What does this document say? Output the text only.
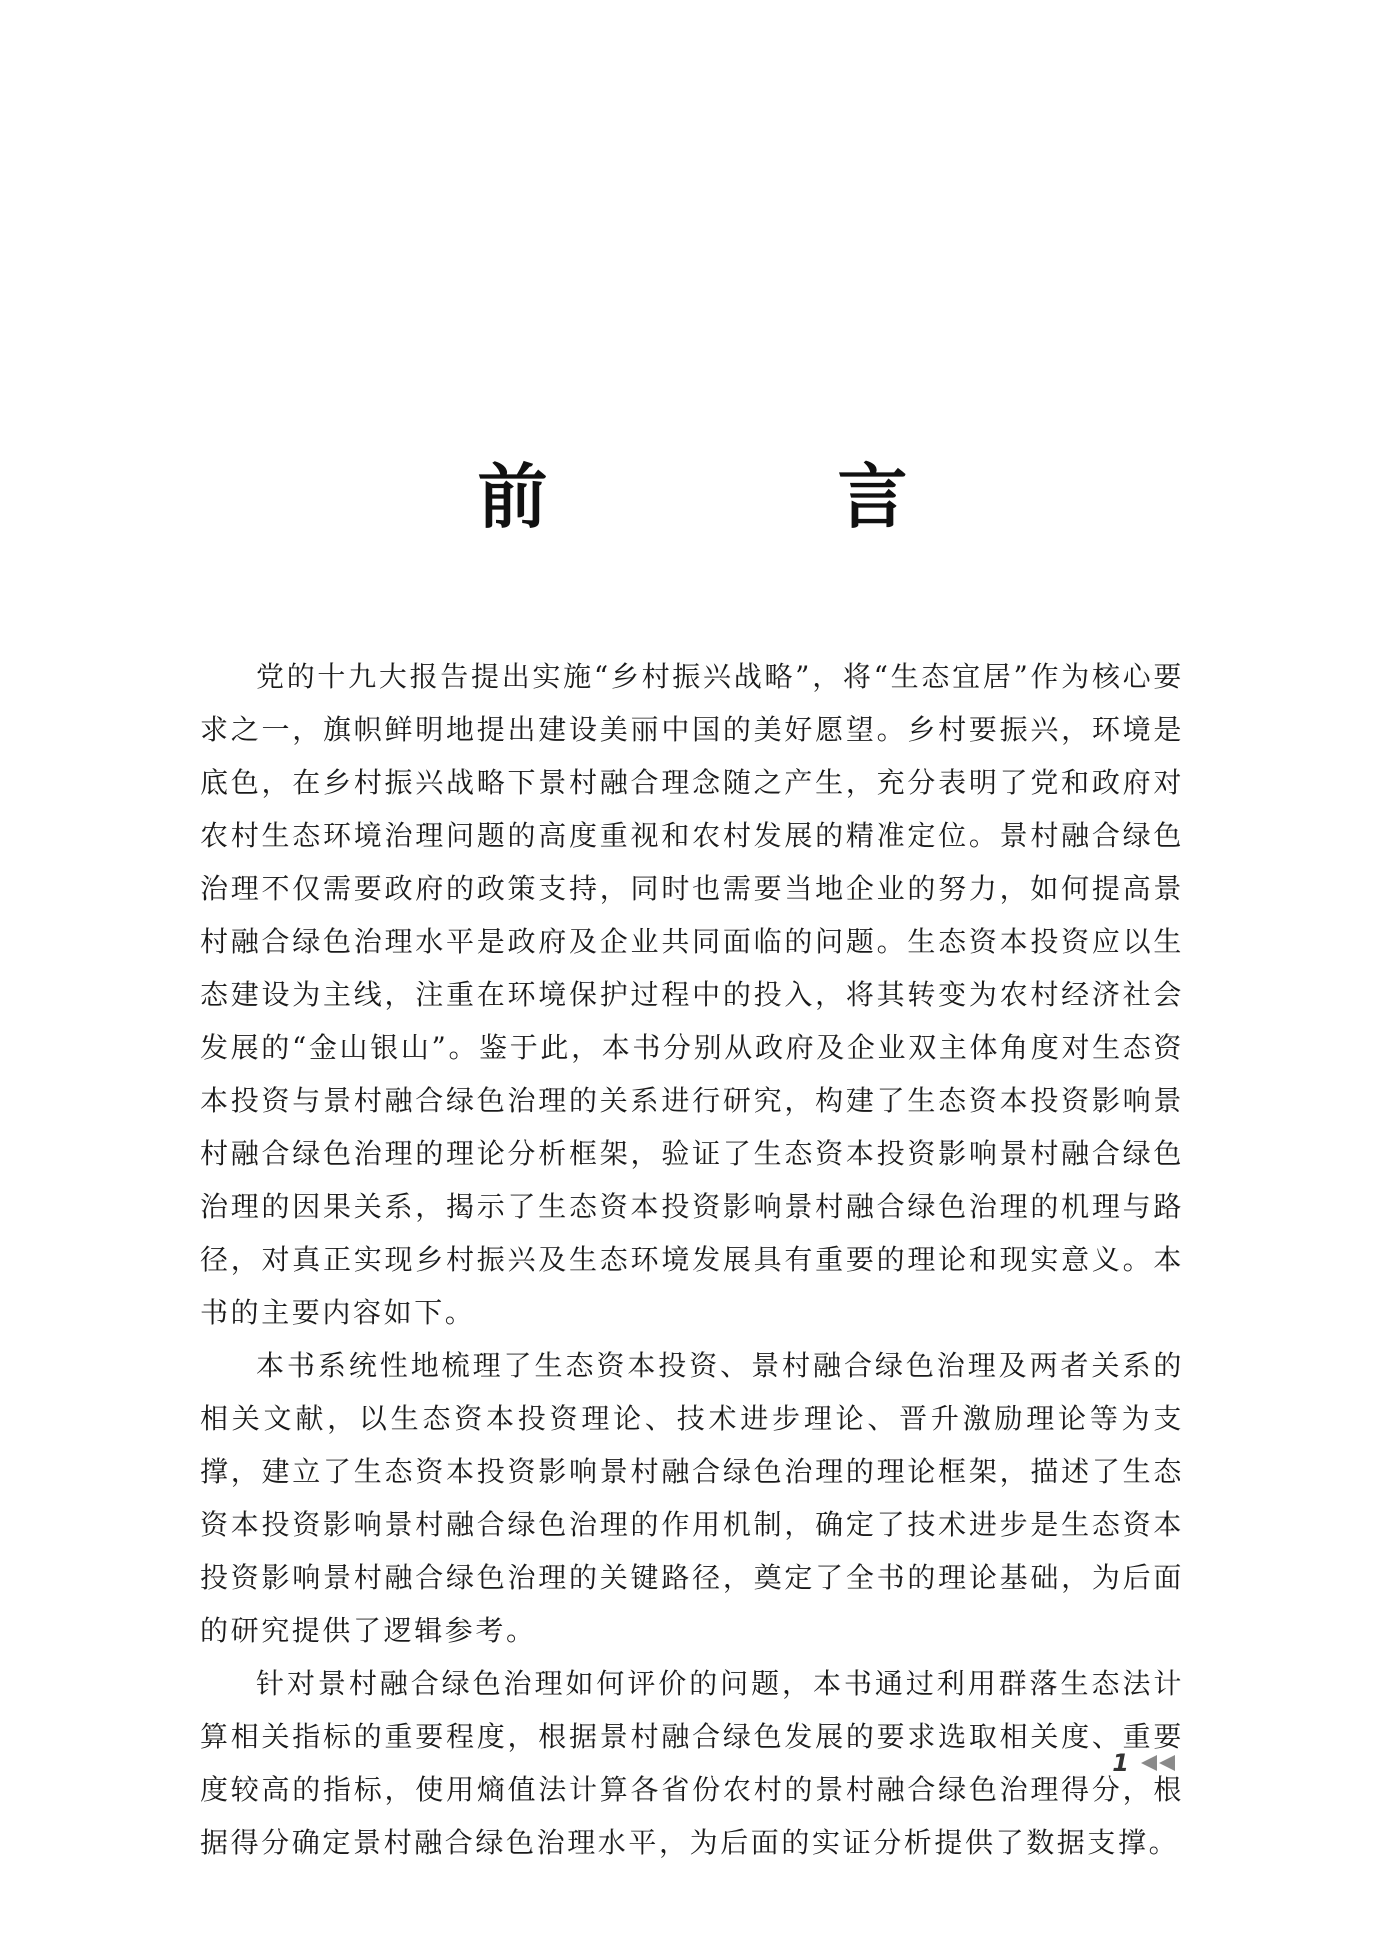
前　言

党的十九大报告提出实施“乡村振兴战略”，将“生态宜居”作为核心要求之一，旗帜鲜明地提出建设美丽中国的美好愿望。乡村要振兴，环境是底色，在乡村振兴战略下景村融合理念随之产生，充分表明了党和政府对农村生态环境治理问题的高度重视和农村发展的精准定位。景村融合绿色治理不仅需要政府的政策支持，同时也需要当地企业的努力，如何提高景村融合绿色治理水平是政府及企业共同面临的问题。生态资本投资应以生态建设为主线，注重在环境保护过程中的投入，将其转变为农村经济社会发展的“金山银山”。鉴于此，本书分别从政府及企业双主体角度对生态资本投资与景村融合绿色治理的关系进行研究，构建了生态资本投资影响景村融合绿色治理的理论分析框架，验证了生态资本投资影响景村融合绿色治理的因果关系，揭示了生态资本投资影响景村融合绿色治理的机理与路径，对真正实现乡村振兴及生态环境发展具有重要的理论和现实意义。本书的主要内容如下。

本书系统性地梳理了生态资本投资、景村融合绿色治理及两者关系的相关文献，以生态资本投资理论、技术进步理论、晋升激励理论等为支撑，建立了生态资本投资影响景村融合绿色治理的理论框架，描述了生态资本投资影响景村融合绿色治理的作用机制，确定了技术进步是生态资本投资影响景村融合绿色治理的关键路径，奠定了全书的理论基础，为后面的研究提供了逻辑参考。

针对景村融合绿色治理如何评价的问题，本书通过利用群落生态法计算相关指标的重要程度，根据景村融合绿色发展的要求选取相关度、重要度较高的指标，使用熵值法计算各省份农村的景村融合绿色治理得分，根据得分确定景村融合绿色治理水平，为后面的实证分析提供了数据支撑。

1
